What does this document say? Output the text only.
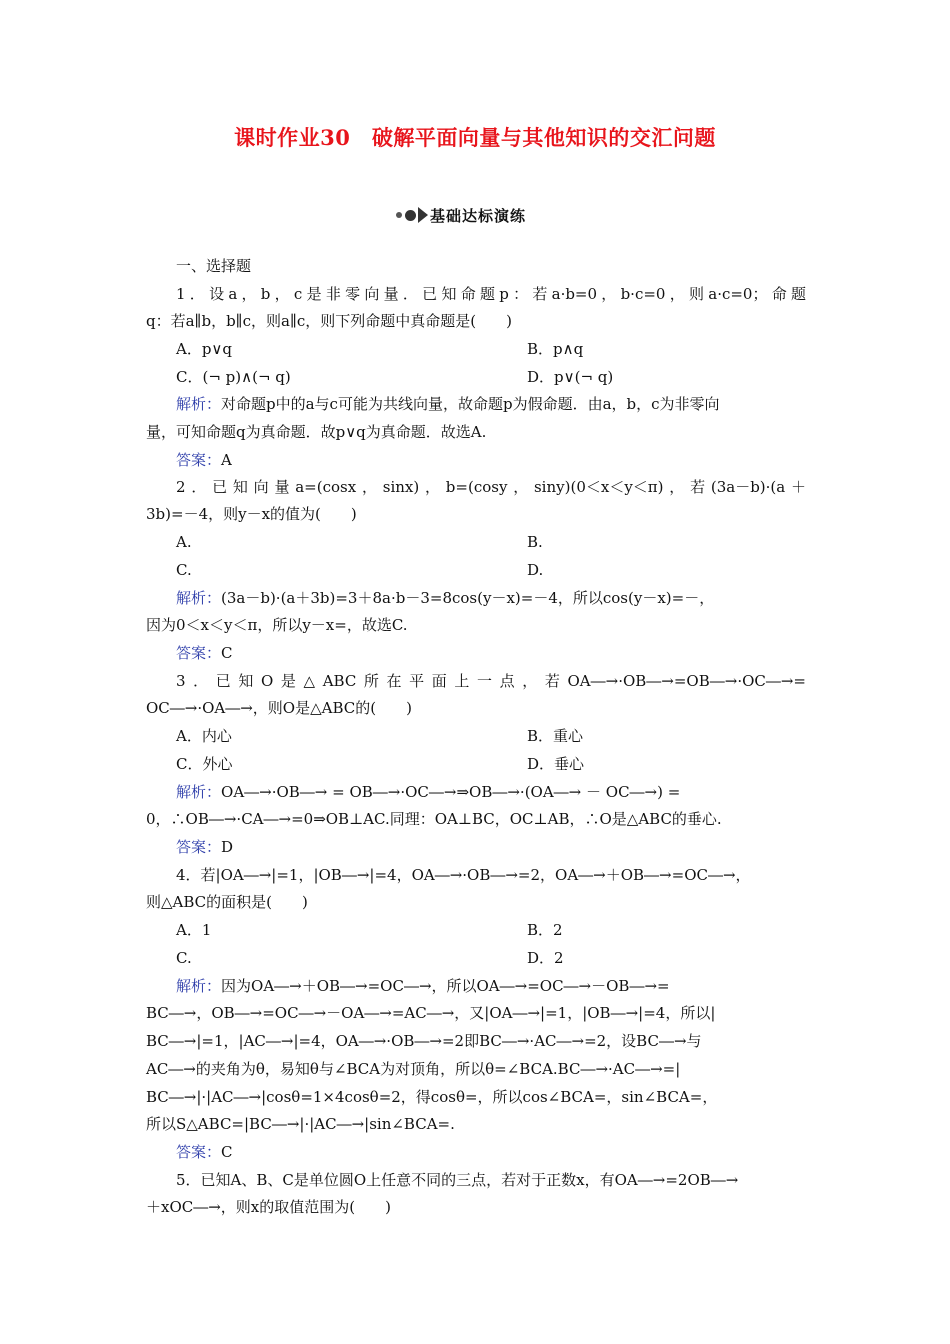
课时作业30　破解平面向量与其他知识的交汇问题
基础达标演练
一、选择题
1．设a，b，c是非零向量．已知命题p：若a·b=0，b·c=0，则a·c=0；命题
q：若a∥b，b∥c，则a∥c，则下列命题中真命题是(　　)
A．p∨q	B．p∧q
C．(¬ p)∧(¬ q)	D．p∨(¬ q)
解析：对命题p中的a与c可能为共线向量，故命题p为假命题．由a，b，c为非零向
量，可知命题q为真命题．故p∨q为真命题．故选A.
答案：A
2．已知向量a=(cosx，sinx)，b=(cosy，siny)(0＜x＜y＜π)，若(3a－b)·(a＋
3b)=－4，则y－x的值为(　　)
A.	B.
C.	D.
解析：(3a－b)·(a＋3b)=3＋8a·b－3=8cos(y－x)=－4，所以cos(y－x)=－，
因为0＜x＜y＜π，所以y－x=，故选C.
答案：C
3．已知O是△ABC所在平面上一点，若OA―→·OB―→=OB―→·OC―→=
OC―→·OA―→，则O是△ABC的(　　)
A．内心	B．重心
C．外心	D．垂心
解析：OA―→·OB―→ = OB―→·OC―→⇒OB―→·(OA―→ － OC―→) =
0，∴OB―→·CA―→=0⇒OB⊥AC.同理：OA⊥BC，OC⊥AB，∴O是△ABC的垂心.
答案：D
4．若|OA―→|=1，|OB―→|=4，OA―→·OB―→=2，OA―→＋OB―→=OC―→，
则△ABC的面积是(　　)
A．1	B．2
C.	D．2
解析：因为OA―→＋OB―→=OC―→，所以OA―→=OC―→－OB―→=
BC―→，OB―→=OC―→－OA―→=AC―→，又|OA―→|=1，|OB―→|=4，所以|
BC―→|=1，|AC―→|=4，OA―→·OB―→=2即BC―→·AC―→=2，设BC―→与
AC―→的夹角为θ，易知θ与∠BCA为对顶角，所以θ=∠BCA.BC―→·AC―→=|
BC―→|·|AC―→|cosθ=1×4cosθ=2，得cosθ=，所以cos∠BCA=，sin∠BCA=，
所以S△ABC=|BC―→|·|AC―→|sin∠BCA=.
答案：C
5．已知A、B、C是单位圆O上任意不同的三点，若对于正数x，有OA―→=2OB―→
＋xOC―→，则x的取值范围为(　　)
